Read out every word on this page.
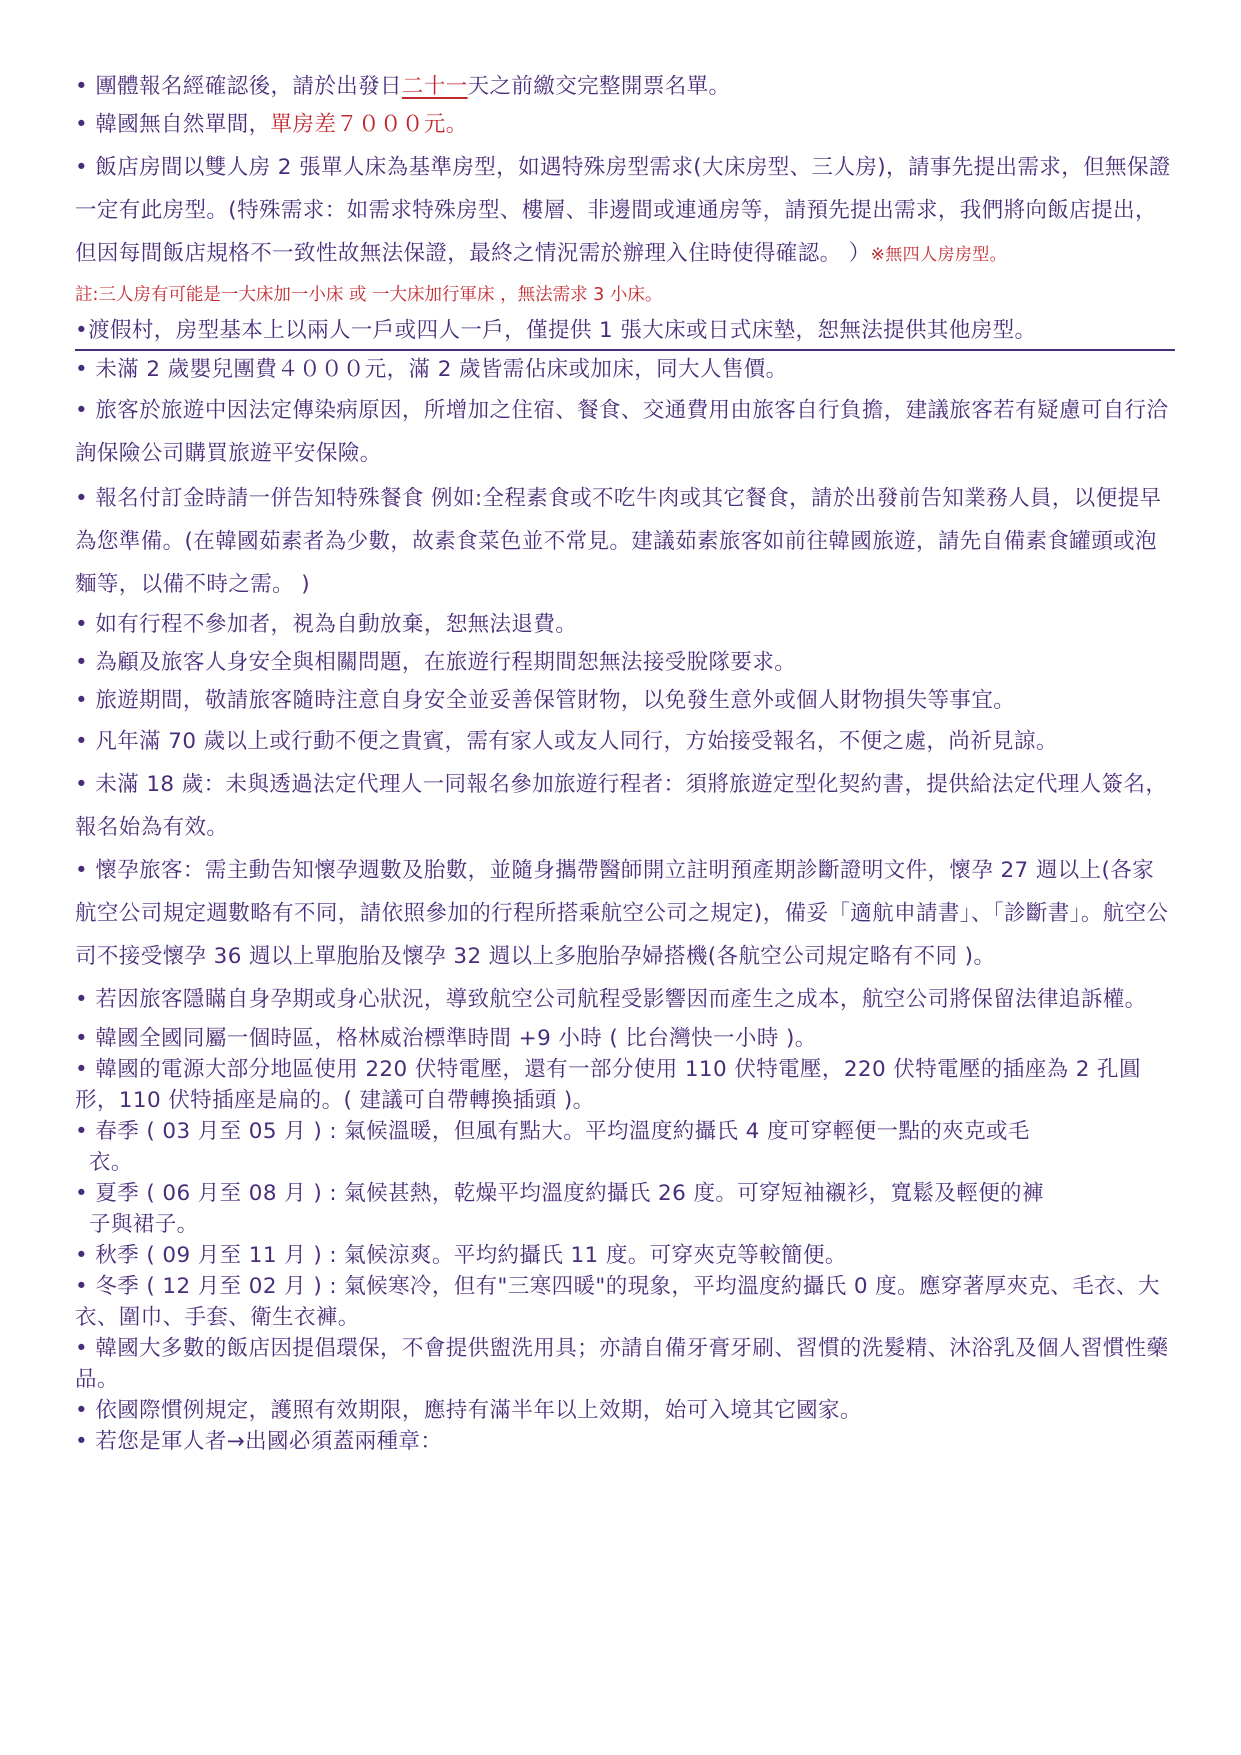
• 團體報名經確認後，請於出發日二十一天之前繳交完整開票名單。

• 韓國無自然單間，單房差７０００元。

• 飯店房間以雙人房 2 張單人床為基準房型，如遇特殊房型需求(大床房型、三人房)，請事先提出需求，但無保證一定有此房型。(特殊需求：如需求特殊房型、樓層、非邊間或連通房等，請預先提出需求，我們將向飯店提出，但因每間飯店規格不一致性故無法保證，最終之情況需於辦理入住時使得確認。 ）※無四人房房型。

註:三人房有可能是一大床加一小床 或 一大床加行軍床 ，無法需求 3 小床。

•渡假村，房型基本上以兩人一戶或四人一戶，僅提供 1 張大床或日式床墊，恕無法提供其他房型。

• 未滿 2 歲嬰兒團費４０００元，滿 2 歲皆需佔床或加床，同大人售價。

• 旅客於旅遊中因法定傳染病原因，所增加之住宿、餐食、交通費用由旅客自行負擔，建議旅客若有疑慮可自行洽詢保險公司購買旅遊平安保險。

• 報名付訂金時請一併告知特殊餐食 例如:全程素食或不吃牛肉或其它餐食，請於出發前告知業務人員，以便提早為您準備。(在韓國茹素者為少數，故素食菜色並不常見。建議茹素旅客如前往韓國旅遊，請先自備素食罐頭或泡麵等，以備不時之需。 )

• 如有行程不參加者，視為自動放棄，恕無法退費。

• 為顧及旅客人身安全與相關問題，在旅遊行程期間恕無法接受脫隊要求。

• 旅遊期間，敬請旅客隨時注意自身安全並妥善保管財物，以免發生意外或個人財物損失等事宜。

• 凡年滿 70 歲以上或行動不便之貴賓，需有家人或友人同行，方始接受報名，不便之處，尚祈見諒。

• 未滿 18 歲：未與透過法定代理人一同報名參加旅遊行程者：須將旅遊定型化契約書，提供給法定代理人簽名，報名始為有效。

• 懷孕旅客：需主動告知懷孕週數及胎數，並隨身攜帶醫師開立註明預產期診斷證明文件，懷孕 27 週以上(各家航空公司規定週數略有不同，請依照參加的行程所搭乘航空公司之規定)，備妥「適航申請書」、「診斷書」。航空公司不接受懷孕 36 週以上單胞胎及懷孕 32 週以上多胞胎孕婦搭機(各航空公司規定略有不同 )。

• 若因旅客隱瞞自身孕期或身心狀況，導致航空公司航程受影響因而產生之成本，航空公司將保留法律追訴權。

• 韓國全國同屬一個時區，格林威治標準時間 +9 小時 ( 比台灣快一小時 )。

• 韓國的電源大部分地區使用 220 伏特電壓，還有一部分使用 110 伏特電壓，220 伏特電壓的插座為 2 孔圓形，110 伏特插座是扁的。( 建議可自帶轉換插頭 )。

• 春季 ( 03 月至 05 月 ) : 氣候溫暖，但風有點大。平均溫度約攝氏 4 度可穿輕便一點的夾克或毛
衣。

• 夏季 ( 06 月至 08 月 ) : 氣候甚熱，乾燥平均溫度約攝氏 26 度。可穿短袖襯衫，寬鬆及輕便的褲
子與裙子。

• 秋季 ( 09 月至 11 月 ) : 氣候涼爽。平均約攝氏 11 度。可穿夾克等較簡便。

• 冬季 ( 12 月至 02 月 ) : 氣候寒冷，但有"三寒四暖"的現象，平均溫度約攝氏 0 度。應穿著厚夾克、毛衣、大衣、圍巾、手套、衛生衣褲。

• 韓國大多數的飯店因提倡環保，不會提供盥洗用具；亦請自備牙膏牙刷、習慣的洗髮精、沐浴乳及個人習慣性藥品。

• 依國際慣例規定，護照有效期限，應持有滿半年以上效期，始可入境其它國家。

• 若您是軍人者→出國必須蓋兩種章：
